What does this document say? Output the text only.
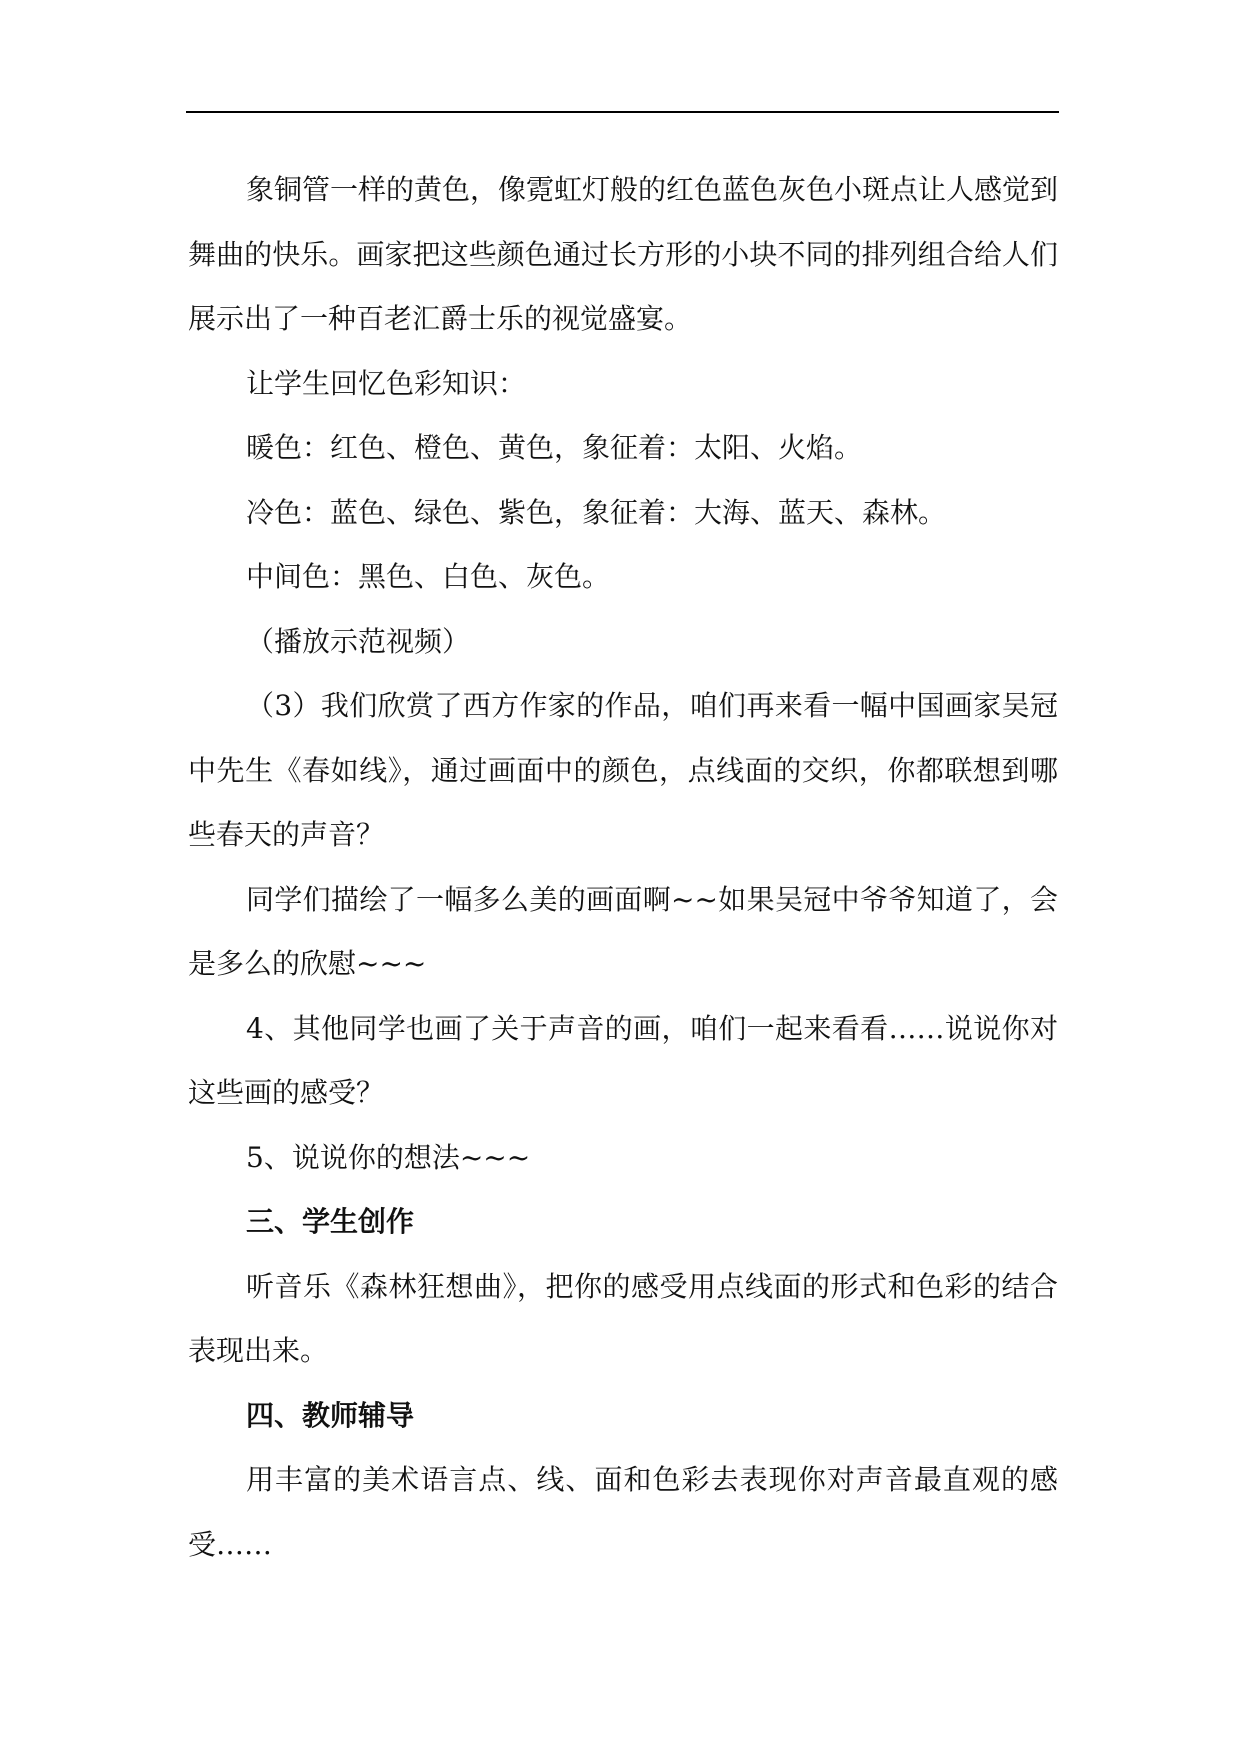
象铜管一样的黄色，像霓虹灯般的红色蓝色灰色小斑点让人感觉到舞曲的快乐。画家把这些颜色通过长方形的小块不同的排列组合给人们展示出了一种百老汇爵士乐的视觉盛宴。

让学生回忆色彩知识：

暖色：红色、橙色、黄色，象征着：太阳、火焰。

冷色：蓝色、绿色、紫色，象征着：大海、蓝天、森林。

中间色：黑色、白色、灰色。

（播放示范视频）

（3）我们欣赏了西方作家的作品，咱们再来看一幅中国画家吴冠中先生《春如线》，通过画面中的颜色，点线面的交织，你都联想到哪些春天的声音？

同学们描绘了一幅多么美的画面啊~~如果吴冠中爷爷知道了，会是多么的欣慰~~~

4、其他同学也画了关于声音的画，咱们一起来看看……说说你对这些画的感受？

5、说说你的想法~~~

三、学生创作

听音乐《森林狂想曲》，把你的感受用点线面的形式和色彩的结合表现出来。

四、教师辅导

用丰富的美术语言点、线、面和色彩去表现你对声音最直观的感受……
